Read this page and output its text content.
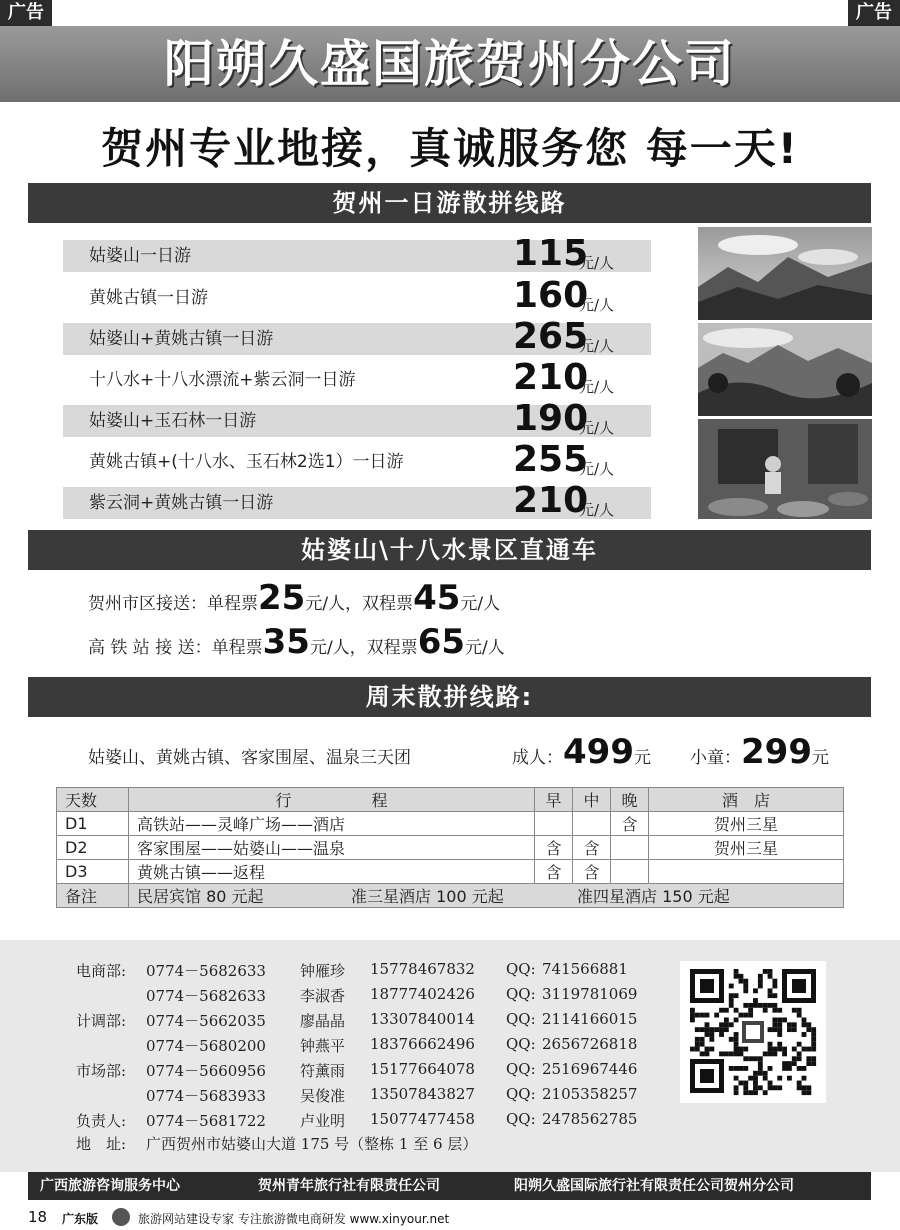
广告	广告
阳朔久盛国旅贺州分公司
贺州专业地接，真诚服务您 每一天!
贺州一日游散拼线路
姑婆山一日游	115
元/人
黄姚古镇一日游	160
元/人
姑婆山+黄姚古镇一日游	265
元/人
十八水+十八水漂流+紫云洞一日游	210
元/人
姑婆山+玉石林一日游	190
元/人
黄姚古镇+(十八水、玉石林2选1）一日游	255
元/人
紫云洞+黄姚古镇一日游	210
元/人
姑婆山\十八水景区直通车
贺州市区接送：单程票25元/人，双程票45元/人
高 铁 站 接 送：单程票35元/人，双程票65元/人
周末散拼线路:
姑婆山、黄姚古镇、客家围屋、温泉三天团	成人：499元 小童：299元
天数	行　　　　　程	早	中	晚	酒　店
D1	高铁站——灵峰广场——酒店			含	贺州三星
D2	客家围屋——姑婆山——温泉	含	含		贺州三星
D3	黄姚古镇——返程	含	含		
备注	民居宾馆 80 元起 准三星酒店 100 元起 准四星酒店 150 元起				
电商部: 0774－5682633 钟雁珍 15778467832 QQ: 741566881
0774－5682633 李淑香 18777402426 QQ: 3119781069
计调部: 0774－5662035 廖晶晶 13307840014 QQ: 2114166015
0774－5680200 钟燕平 18376662496 QQ: 2656726818
市场部: 0774－5660956 符薰雨 15177664078 QQ: 2516967446
0774－5683933 吴俊准 13507843827 QQ: 2105358257
负责人: 0774－5681722 卢业明 15077477458 QQ: 2478562785
地　址: 广西贺州市姑婆山大道 175 号（整栋 1 至 6 层）
广西旅游咨询服务中心	贺州青年旅行社有限责任公司	阳朔久盛国际旅行社有限责任公司贺州分公司
18 广东版	旅游网站建设专家 专注旅游微电商研发 www.xinyour.net
